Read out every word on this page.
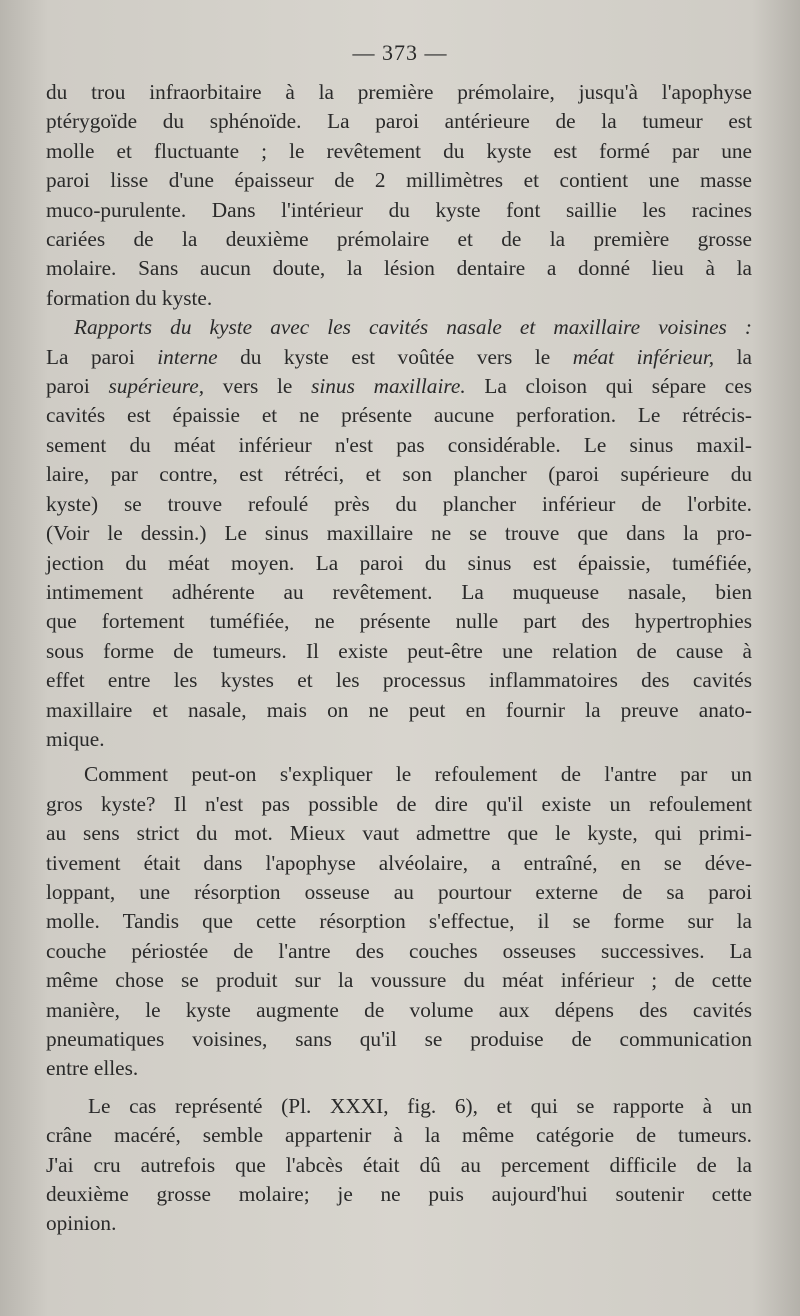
— 373 —

du trou infraorbitaire à la première prémolaire, jusqu'à l'apophyse
ptérygoïde du sphénoïde. La paroi antérieure de la tumeur est
molle et fluctuante ; le revêtement du kyste est formé par une
paroi lisse d'une épaisseur de 2 millimètres et contient une masse
muco-purulente. Dans l'intérieur du kyste font saillie les racines
cariées de la deuxième prémolaire et de la première grosse
molaire. Sans aucun doute, la lésion dentaire a donné lieu à la
formation du kyste.

Rapports du kyste avec les cavités nasale et maxillaire voisines :
La paroi interne du kyste est voûtée vers le méat inférieur, la
paroi supérieure, vers le sinus maxillaire. La cloison qui sépare ces
cavités est épaissie et ne présente aucune perforation. Le rétrécis-
sement du méat inférieur n'est pas considérable. Le sinus maxil-
laire, par contre, est rétréci, et son plancher (paroi supérieure du
kyste) se trouve refoulé près du plancher inférieur de l'orbite.
(Voir le dessin.) Le sinus maxillaire ne se trouve que dans la pro-
jection du méat moyen. La paroi du sinus est épaissie, tuméfiée,
intimement adhérente au revêtement. La muqueuse nasale, bien
que fortement tuméfiée, ne présente nulle part des hypertrophies
sous forme de tumeurs. Il existe peut-être une relation de cause à
effet entre les kystes et les processus inflammatoires des cavités
maxillaire et nasale, mais on ne peut en fournir la preuve anato-
mique.

Comment peut-on s'expliquer le refoulement de l'antre par un
gros kyste? Il n'est pas possible de dire qu'il existe un refoulement
au sens strict du mot. Mieux vaut admettre que le kyste, qui primi-
tivement était dans l'apophyse alvéolaire, a entraîné, en se déve-
loppant, une résorption osseuse au pourtour externe de sa paroi
molle. Tandis que cette résorption s'effectue, il se forme sur la
couche périostée de l'antre des couches osseuses successives. La
même chose se produit sur la voussure du méat inférieur ; de cette
manière, le kyste augmente de volume aux dépens des cavités
pneumatiques voisines, sans qu'il se produise de communication
entre elles.

Le cas représenté (Pl. XXXI, fig. 6), et qui se rapporte à un
crâne macéré, semble appartenir à la même catégorie de tumeurs.
J'ai cru autrefois que l'abcès était dû au percement difficile de la
deuxième grosse molaire; je ne puis aujourd'hui soutenir cette
opinion.
